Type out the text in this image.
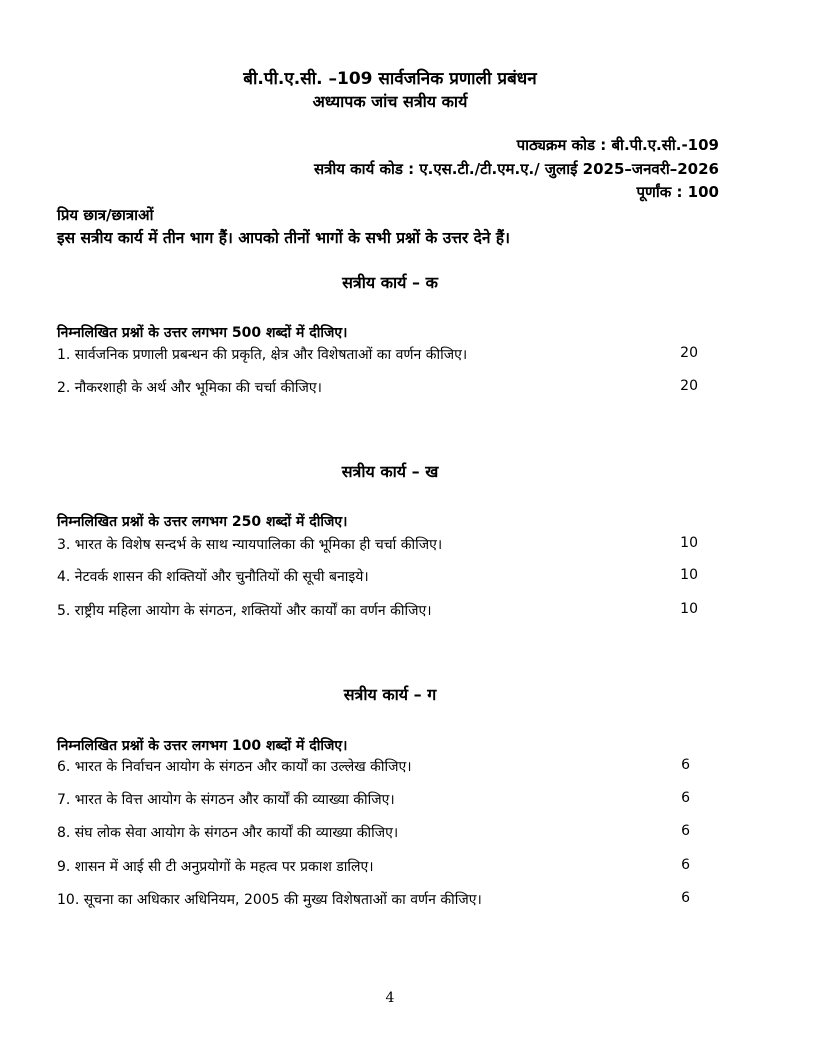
बी.पी.ए.सी. –109 सार्वजनिक प्रणाली प्रबंधन
अध्यापक जांच सत्रीय कार्य
पाठ्यक्रम कोड : बी.पी.ए.सी.-109
सत्रीय कार्य कोड : ए.एस.टी./टी.एम.ए./ जुलाई 2025–जनवरी–2026
पूर्णांक : 100
प्रिय छात्र/छात्राओं
इस सत्रीय कार्य में तीन भाग हैं। आपको तीनों भागों के सभी प्रश्नों के उत्तर देने हैं।
सत्रीय कार्य – क
निम्नलिखित प्रश्नों के उत्तर लगभग 500 शब्दों में दीजिए।
1. सार्वजनिक प्रणाली प्रबन्धन की प्रकृति, क्षेत्र और विशेषताओं का वर्णन कीजिए।	20
2. नौकरशाही के अर्थ और भूमिका की चर्चा कीजिए।	20
सत्रीय कार्य – ख
निम्नलिखित प्रश्नों के उत्तर लगभग 250 शब्दों में दीजिए।
3. भारत के विशेष सन्दर्भ के साथ न्यायपालिका की भूमिका ही चर्चा कीजिए।	10
4. नेटवर्क शासन की शक्तियों और चुनौतियों की सूची बनाइये।	10
5. राष्ट्रीय महिला आयोग के संगठन, शक्तियों और कार्यों का वर्णन कीजिए।	10
सत्रीय कार्य – ग
निम्नलिखित प्रश्नों के उत्तर लगभग 100 शब्दों में दीजिए।
6. भारत के निर्वाचन आयोग के संगठन और कार्यों का उल्लेख कीजिए।	6
7. भारत के वित्त आयोग के संगठन और कार्यों की व्याख्या कीजिए।	6
8. संघ लोक सेवा आयोग के संगठन और कार्यों की व्याख्या कीजिए।	6
9. शासन में आई सी टी अनुप्रयोगों के महत्व पर प्रकाश डालिए।	6
10. सूचना का अधिकार अधिनियम, 2005 की मुख्य विशेषताओं का वर्णन कीजिए।	6
4
